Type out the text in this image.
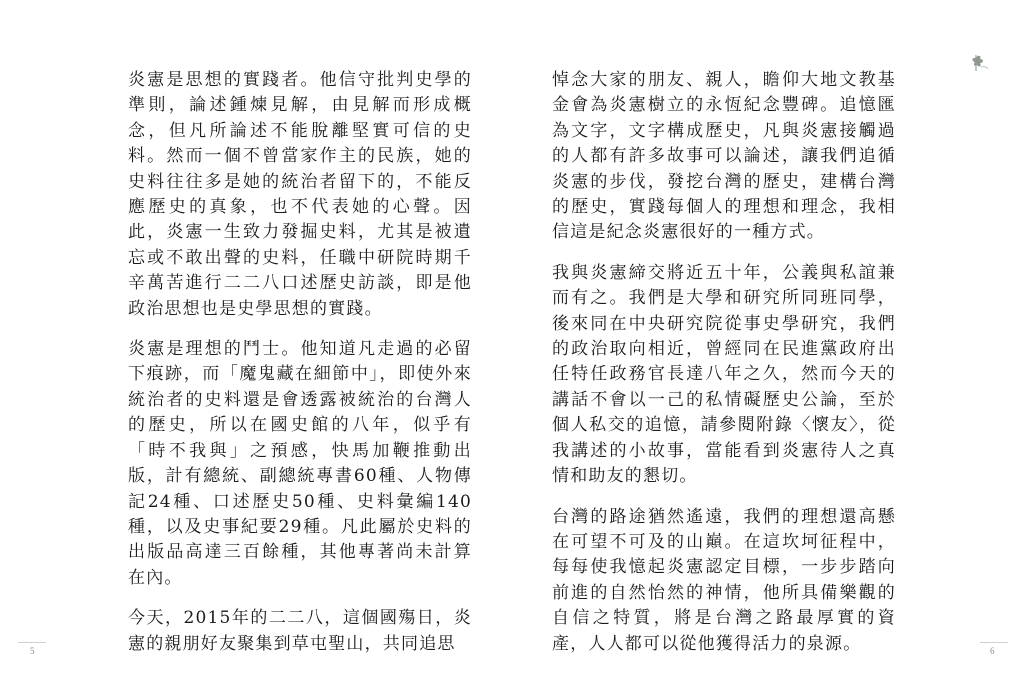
炎憲是思想的實踐者。他信守批判史學的準則，論述鍾煉見解，由見解而形成概念，但凡所論述不能脫離堅實可信的史料。然而一個不曾當家作主的民族，她的史料往往多是她的統治者留下的，不能反應歷史的真象，也不代表她的心聲。因此，炎憲一生致力發掘史料，尤其是被遺忘或不敢出聲的史料，任職中研院時期千辛萬苦進行二二八口述歷史訪談，即是他政治思想也是史學思想的實踐。

炎憲是理想的鬥士。他知道凡走過的必留下痕跡，而「魔鬼藏在細節中」，即使外來統治者的史料還是會透露被統治的台灣人的歷史，所以在國史館的八年，似乎有「時不我與」之預感，快馬加鞭推動出版，計有總統、副總統專書60種、人物傳記24種、口述歷史50種、史料彙編140種，以及史事紀要29種。凡此屬於史料的出版品高達三百餘種，其他專著尚未計算在內。

今天，2015年的二二八，這個國殤日，炎憲的親朋好友聚集到草屯聖山，共同追思

悼念大家的朋友、親人，瞻仰大地文教基金會為炎憲樹立的永恆紀念豐碑。追憶匯為文字，文字構成歷史，凡與炎憲接觸過的人都有許多故事可以論述，讓我們追循炎憲的步伐，發挖台灣的歷史，建構台灣的歷史，實踐每個人的理想和理念，我相信這是紀念炎憲很好的一種方式。

我與炎憲締交將近五十年，公義與私誼兼而有之。我們是大學和研究所同班同學，後來同在中央研究院從事史學研究，我們的政治取向相近，曾經同在民進黨政府出任特任政務官長達八年之久，然而今天的講話不會以一己的私情礙歷史公論，至於個人私交的追憶，請參閱附錄〈懷友〉，從我講述的小故事，當能看到炎憲待人之真情和助友的懇切。

台灣的路途猶然遙遠，我們的理想還高懸在可望不可及的山巔。在這坎坷征程中，每每使我憶起炎憲認定目標，一步步踏向前進的自然怡然的神情，他所具備樂觀的自信之特質，將是台灣之路最厚實的資產，人人都可以從他獲得活力的泉源。

5	6
